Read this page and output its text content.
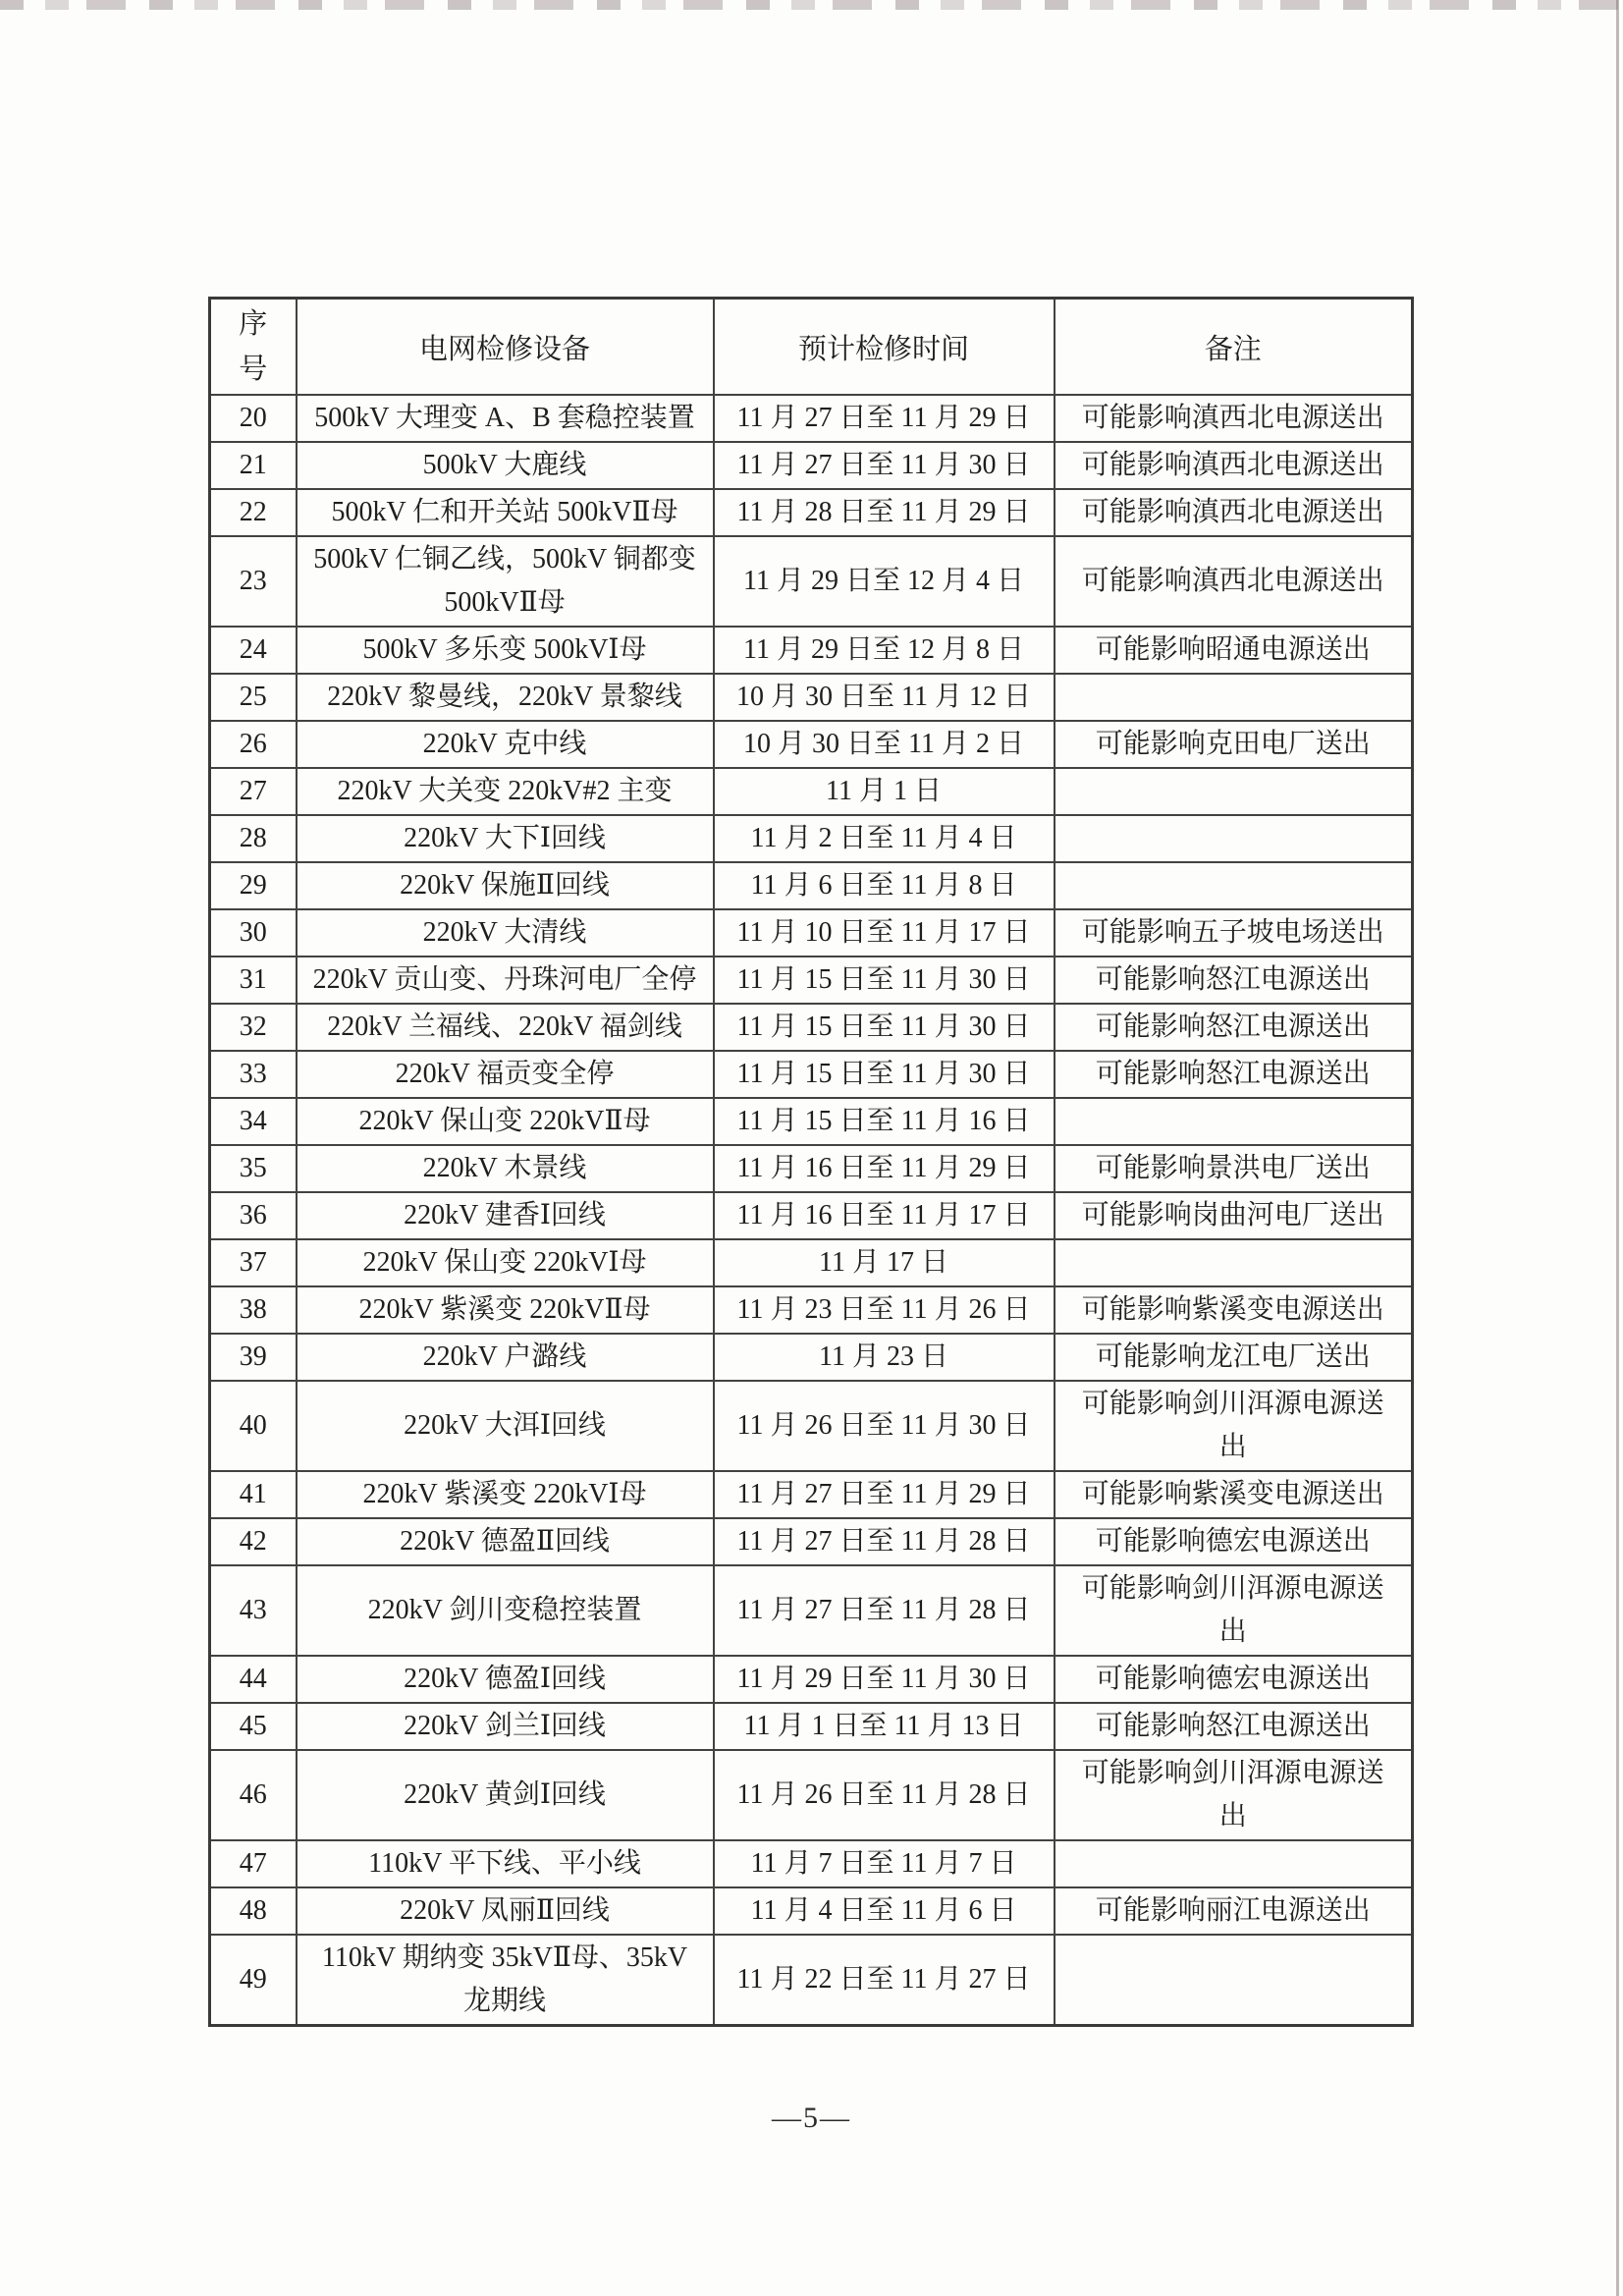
序号	电网检修设备	预计检修时间	备注
20	500kV 大理变 A、B 套稳控装置	11 月 27 日至 11 月 29 日	可能影响滇西北电源送出
21	500kV 大鹿线	11 月 27 日至 11 月 30 日	可能影响滇西北电源送出
22	500kV 仁和开关站 500kVⅡ母	11 月 28 日至 11 月 29 日	可能影响滇西北电源送出
23	500kV 仁铜乙线，500kV 铜都变 500kVⅡ母	11 月 29 日至 12 月 4 日	可能影响滇西北电源送出
24	500kV 多乐变 500kVⅠ母	11 月 29 日至 12 月 8 日	可能影响昭通电源送出
25	220kV 黎曼线，220kV 景黎线	10 月 30 日至 11 月 12 日	
26	220kV 克中线	10 月 30 日至 11 月 2 日	可能影响克田电厂送出
27	220kV 大关变 220kV#2 主变	11 月 1 日	
28	220kV 大下Ⅰ回线	11 月 2 日至 11 月 4 日	
29	220kV 保施Ⅱ回线	11 月 6 日至 11 月 8 日	
30	220kV 大清线	11 月 10 日至 11 月 17 日	可能影响五子坡电场送出
31	220kV 贡山变、丹珠河电厂全停	11 月 15 日至 11 月 30 日	可能影响怒江电源送出
32	220kV 兰福线、220kV 福剑线	11 月 15 日至 11 月 30 日	可能影响怒江电源送出
33	220kV 福贡变全停	11 月 15 日至 11 月 30 日	可能影响怒江电源送出
34	220kV 保山变 220kVⅡ母	11 月 15 日至 11 月 16 日	
35	220kV 木景线	11 月 16 日至 11 月 29 日	可能影响景洪电厂送出
36	220kV 建香Ⅰ回线	11 月 16 日至 11 月 17 日	可能影响岗曲河电厂送出
37	220kV 保山变 220kVⅠ母	11 月 17 日	
38	220kV 紫溪变 220kVⅡ母	11 月 23 日至 11 月 26 日	可能影响紫溪变电源送出
39	220kV 户潞线	11 月 23 日	可能影响龙江电厂送出
40	220kV 大洱Ⅰ回线	11 月 26 日至 11 月 30 日	可能影响剑川洱源电源送出
41	220kV 紫溪变 220kVⅠ母	11 月 27 日至 11 月 29 日	可能影响紫溪变电源送出
42	220kV 德盈Ⅱ回线	11 月 27 日至 11 月 28 日	可能影响德宏电源送出
43	220kV 剑川变稳控装置	11 月 27 日至 11 月 28 日	可能影响剑川洱源电源送出
44	220kV 德盈Ⅰ回线	11 月 29 日至 11 月 30 日	可能影响德宏电源送出
45	220kV 剑兰Ⅰ回线	11 月 1 日至 11 月 13 日	可能影响怒江电源送出
46	220kV 黄剑Ⅰ回线	11 月 26 日至 11 月 28 日	可能影响剑川洱源电源送出
47	110kV 平下线、平小线	11 月 7 日至 11 月 7 日	
48	220kV 凤丽Ⅱ回线	11 月 4 日至 11 月 6 日	可能影响丽江电源送出
49	110kV 期纳变 35kVⅡ母、35kV 龙期线	11 月 22 日至 11 月 27 日	
—5—
